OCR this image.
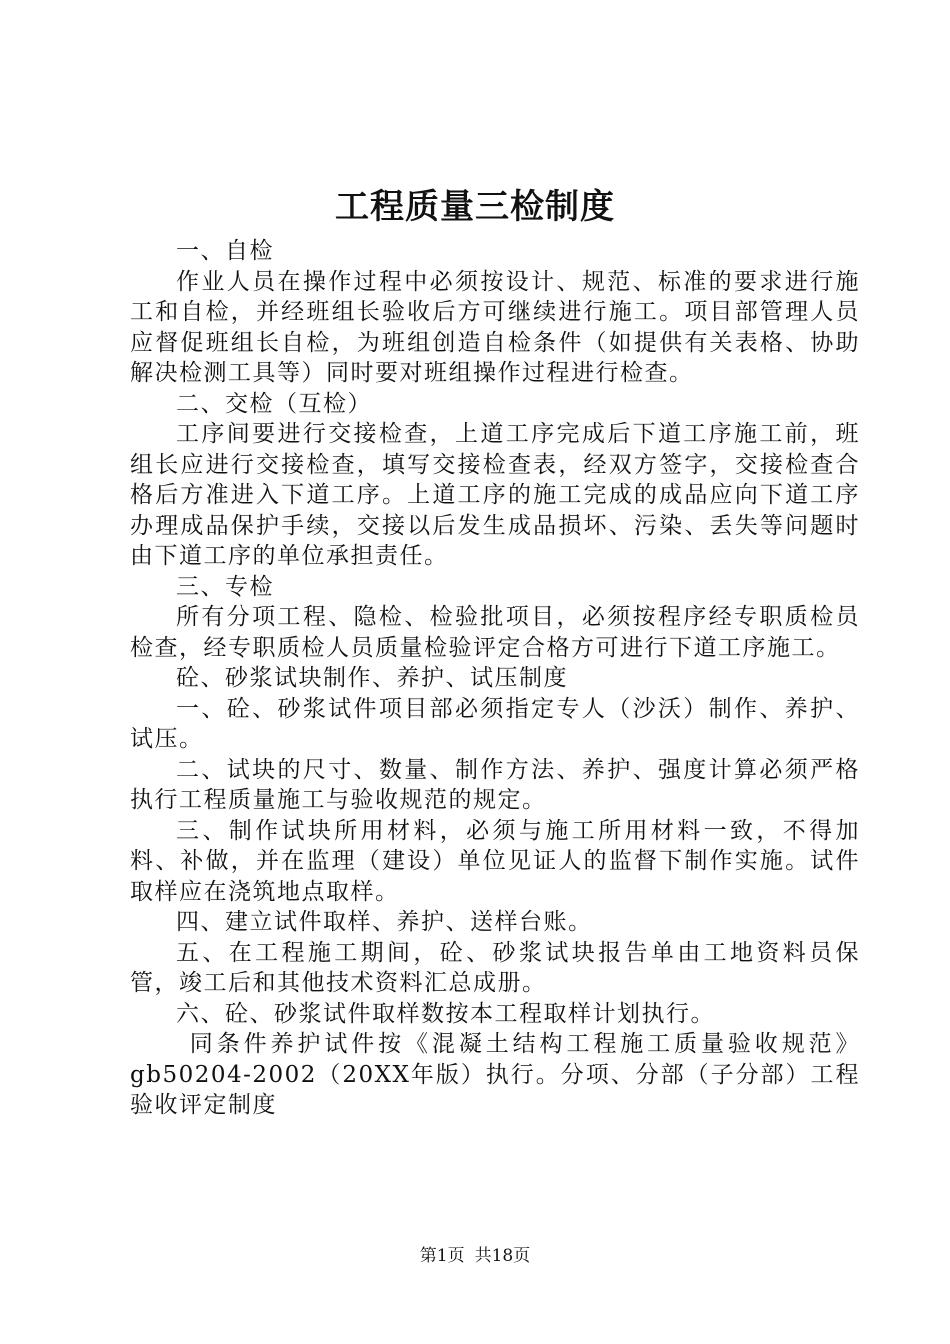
工程质量三检制度

一、自检

作业人员在操作过程中必须按设计、规范、标准的要求进行施工和自检，并经班组长验收后方可继续进行施工。项目部管理人员应督促班组长自检，为班组创造自检条件（如提供有关表格、协助解决检测工具等）同时要对班组操作过程进行检查。

二、交检（互检）

工序间要进行交接检查，上道工序完成后下道工序施工前，班组长应进行交接检查，填写交接检查表，经双方签字，交接检查合格后方准进入下道工序。上道工序的施工完成的成品应向下道工序办理成品保护手续，交接以后发生成品损坏、污染、丢失等问题时由下道工序的单位承担责任。

三、专检

所有分项工程、隐检、检验批项目，必须按程序经专职质检员检查，经专职质检人员质量检验评定合格方可进行下道工序施工。

砼、砂浆试块制作、养护、试压制度

一、砼、砂浆试件项目部必须指定专人（沙沃）制作、养护、试压。

二、试块的尺寸、数量、制作方法、养护、强度计算必须严格执行工程质量施工与验收规范的规定。

三、制作试块所用材料，必须与施工所用材料一致，不得加料、补做，并在监理（建设）单位见证人的监督下制作实施。试件取样应在浇筑地点取样。

四、建立试件取样、养护、送样台账。

五、在工程施工期间，砼、砂浆试块报告单由工地资料员保管，竣工后和其他技术资料汇总成册。

六、砼、砂浆试件取样数按本工程取样计划执行。

同条件养护试件按《混凝土结构工程施工质量验收规范》gb50204-2002（20XX年版）执行。分项、分部（子分部）工程验收评定制度

第1页 共18页
